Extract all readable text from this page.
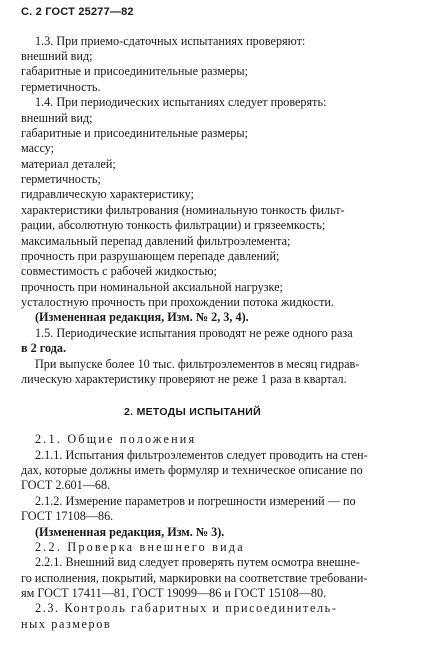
С. 2 ГОСТ 25277—82
1.3. При приемо-сдаточных испытаниях проверяют:
внешний вид;
габаритные и присоединительные размеры;
герметичность.
1.4. При периодических испытаниях следует проверять:
внешний вид;
габаритные и присоединительные размеры;
массу;
материал деталей;
герметичность;
гидравлическую характеристику;
характеристики фильтрования (номинальную тонкость фильт-
рации, абсолютную тонкость фильтрации) и грязеемкость;
максимальный перепад давлений фильтроэлемента;
прочность при разрушающем перепаде давлений;
совместимость с рабочей жидкостью;
прочность при номинальной аксиальной нагрузке;
усталостную прочность при прохождении потока жидкости.
(Измененная редакция, Изм. № 2, 3, 4).
1.5. Периодические испытания проводят не реже одного раза
в 2 года.
При выпуске более 10 тыс. фильтроэлементов в месяц гидрав-
лическую характеристику проверяют не реже 1 раза в квартал.
2. МЕТОДЫ ИСПЫТАНИЙ
2.1. Общие положения
2.1.1. Испытания фильтроэлементов следует проводить на стен-
дах, которые должны иметь формуляр и техническое описание по
ГОСТ 2.601—68.
2.1.2. Измерение параметров и погрешности измерений — по
ГОСТ 17108—86.
(Измененная редакция, Изм. № 3).
2.2. Проверка внешнего вида
2.2.1. Внешний вид следует проверять путем осмотра внешне-
го исполнения, покрытий, маркировки на соответствие требовани-
ям ГОСТ 17411—81, ГОСТ 19099—86 и ГОСТ 15108—80.
2.3. Контроль габаритных и присоединитель-
ных размеров
